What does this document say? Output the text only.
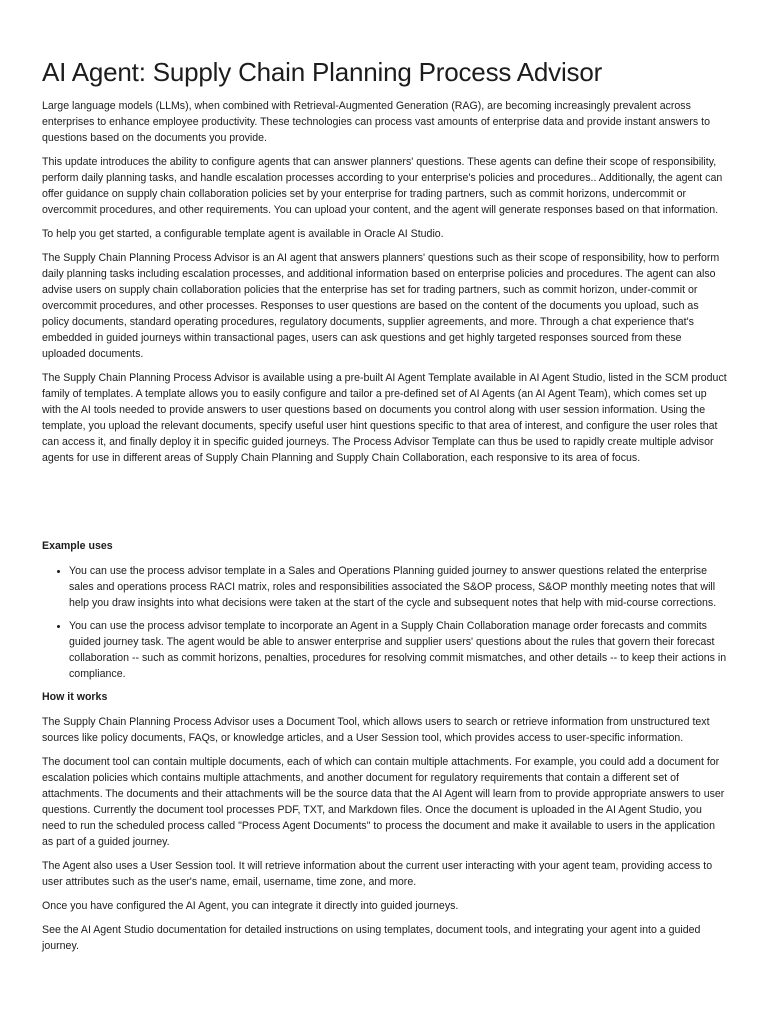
AI Agent: Supply Chain Planning Process Advisor

Large language models (LLMs), when combined with Retrieval-Augmented Generation (RAG), are becoming increasingly prevalent across enterprises to enhance employee productivity. These technologies can process vast amounts of enterprise data and provide instant answers to questions based on the documents you provide.

This update introduces the ability to configure agents that can answer planners' questions. These agents can define their scope of responsibility, perform daily planning tasks, and handle escalation processes according to your enterprise's policies and procedures.. Additionally, the agent can offer guidance on supply chain collaboration policies set by your enterprise for trading partners, such as commit horizons, undercommit or overcommit procedures, and other requirements. You can upload your content, and the agent will generate responses based on that information.

To help you get started, a configurable template agent is available in Oracle AI Studio.

The Supply Chain Planning Process Advisor is an AI agent that answers planners' questions such as their scope of responsibility, how to perform daily planning tasks including escalation processes, and additional information based on enterprise policies and procedures. The agent can also advise users on supply chain collaboration policies that the enterprise has set for trading partners, such as commit horizon, under-commit or overcommit procedures, and other processes. Responses to user questions are based on the content of the documents you upload, such as policy documents, standard operating procedures, regulatory documents, supplier agreements, and more. Through a chat experience that's embedded in guided journeys within transactional pages, users can ask questions and get highly targeted responses sourced from these uploaded documents.

The Supply Chain Planning Process Advisor is available using a pre-built AI Agent Template available in AI Agent Studio, listed in the SCM product family of templates. A template allows you to easily configure and tailor a pre-defined set of AI Agents (an AI Agent Team), which comes set up with the AI tools needed to provide answers to user questions based on documents you control along with user session information. Using the template, you upload the relevant documents, specify useful user hint questions specific to that area of interest, and configure the user roles that can access it, and finally deploy it in specific guided journeys. The Process Advisor Template can thus be used to rapidly create multiple advisor agents for use in different areas of Supply Chain Planning and Supply Chain Collaboration, each responsive to its area of focus.

Example uses
• You can use the process advisor template in a Sales and Operations Planning guided journey to answer questions related the enterprise sales and operations process RACI matrix, roles and responsibilities associated the S&OP process, S&OP monthly meeting notes that will help you draw insights into what decisions were taken at the start of the cycle and subsequent notes that help with mid-course corrections.
• You can use the process advisor template to incorporate an Agent in a Supply Chain Collaboration manage order forecasts and commits guided journey task. The agent would be able to answer enterprise and supplier users' questions about the rules that govern their forecast collaboration -- such as commit horizons, penalties, procedures for resolving commit mismatches, and other details -- to keep their actions in compliance.
How it works

The Supply Chain Planning Process Advisor uses a Document Tool, which allows users to search or retrieve information from unstructured text sources like policy documents, FAQs, or knowledge articles, and a User Session tool, which provides access to user-specific information.

The document tool can contain multiple documents, each of which can contain multiple attachments. For example, you could add a document for escalation policies which contains multiple attachments, and another document for regulatory requirements that contain a different set of attachments. The documents and their attachments will be the source data that the AI Agent will learn from to provide appropriate answers to user questions. Currently the document tool processes PDF, TXT, and Markdown files. Once the document is uploaded in the AI Agent Studio, you need to run the scheduled process called "Process Agent Documents" to process the document and make it available to users in the application as part of a guided journey.

The Agent also uses a User Session tool. It will retrieve information about the current user interacting with your agent team, providing access to user attributes such as the user's name, email, username, time zone, and more.

Once you have configured the AI Agent, you can integrate it directly into guided journeys.

See the AI Agent Studio documentation for detailed instructions on using templates, document tools, and integrating your agent into a guided journey.
